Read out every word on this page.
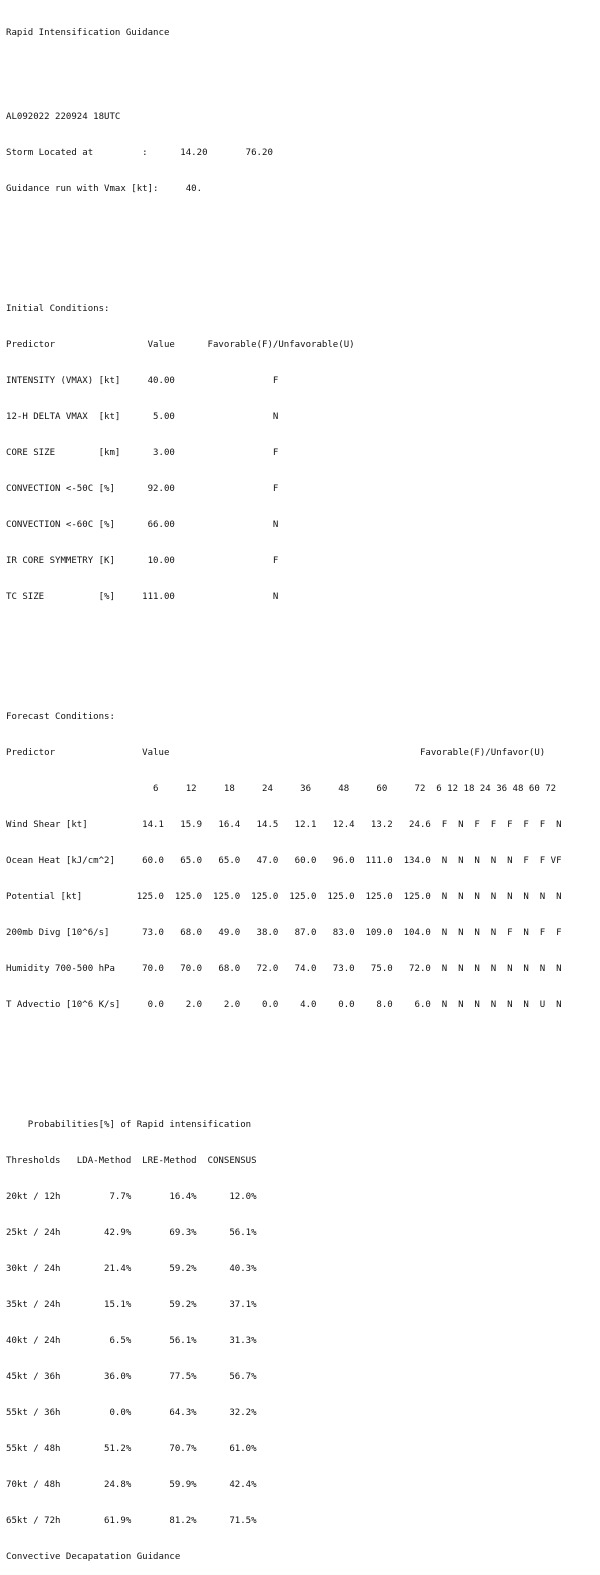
Rapid Intensification Guidance

AL092022 220924 18UTC

Storm Located at         :      14.20       76.20

Guidance run with Vmax [kt]:     40.

Initial Conditions:

Predictor                 Value      Favorable(F)/Unfavorable(U)

INTENSITY (VMAX) [kt]     40.00                  F

12-H DELTA VMAX  [kt]      5.00                  N

CORE SIZE        [km]      3.00                  F

CONVECTION <-50C [%]      92.00                  F

CONVECTION <-60C [%]      66.00                  N

IR CORE SYMMETRY [K]      10.00                  F

TC SIZE          [%]     111.00                  N

Forecast Conditions:

Predictor                Value                                              Favorable(F)/Unfavor(U)

6     12     18     24     36     48     60     72  6 12 18 24 36 48 60 72

Wind Shear [kt]          14.1   15.9   16.4   14.5   12.1   12.4   13.2   24.6  F  N  F  F  F  F  F  N

Ocean Heat [kJ/cm^2]     60.0   65.0   65.0   47.0   60.0   96.0  111.0  134.0  N  N  N  N  N  F  F VF

Potential [kt]          125.0  125.0  125.0  125.0  125.0  125.0  125.0  125.0  N  N  N  N  N  N  N  N

200mb Divg [10^6/s]      73.0   68.0   49.0   38.0   87.0   83.0  109.0  104.0  N  N  N  N  F  N  F  F

Humidity 700-500 hPa     70.0   70.0   68.0   72.0   74.0   73.0   75.0   72.0  N  N  N  N  N  N  N  N

T Advectio [10^6 K/s]     0.0    2.0    2.0    0.0    4.0    0.0    8.0    6.0  N  N  N  N  N  N  U  N

Probabilities[%] of Rapid intensification

Thresholds   LDA-Method  LRE-Method  CONSENSUS

20kt / 12h         7.7%       16.4%      12.0%

25kt / 24h        42.9%       69.3%      56.1%

30kt / 24h        21.4%       59.2%      40.3%

35kt / 24h        15.1%       59.2%      37.1%

40kt / 24h         6.5%       56.1%      31.3%

45kt / 36h        36.0%       77.5%      56.7%

55kt / 36h         0.0%       64.3%      32.2%

55kt / 48h        51.2%       70.7%      61.0%

70kt / 48h        24.8%       59.9%      42.4%

65kt / 72h        61.9%       81.2%      71.5%

Convective Decapatation Guidance
